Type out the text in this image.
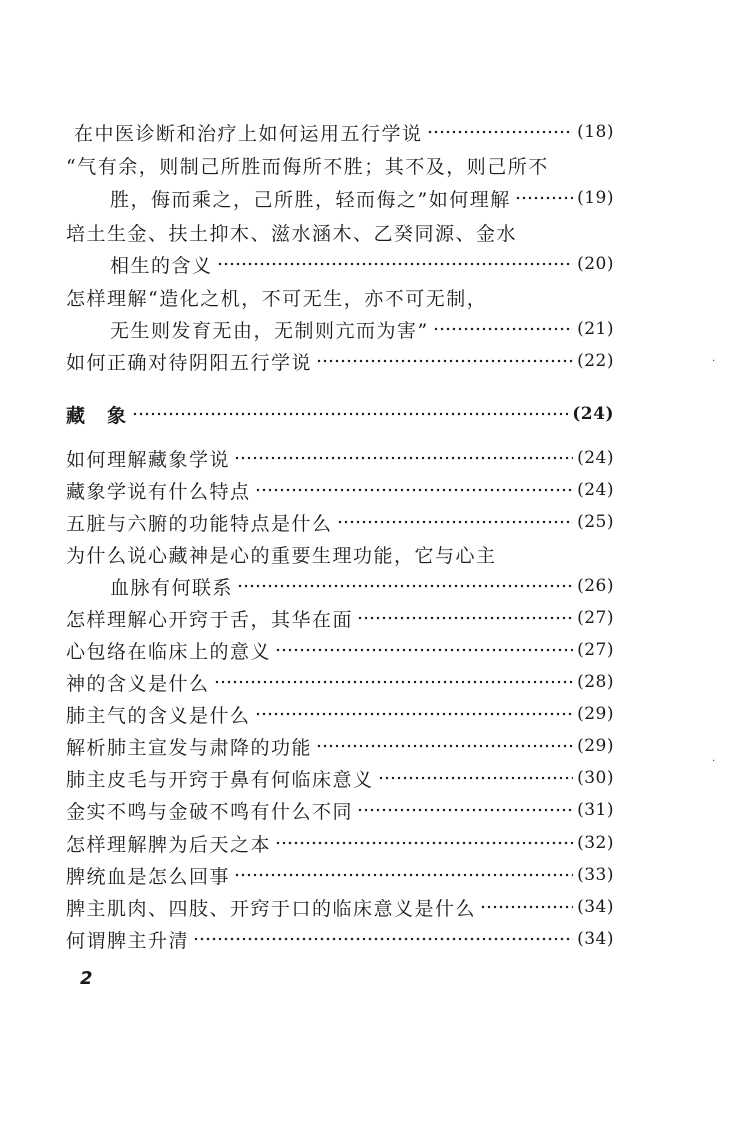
在中医诊断和治疗上如何运用五行学说	(18)
“气有余，则制己所胜而侮所不胜；其不及，则己所不
胜，侮而乘之，己所胜，轻而侮之”如何理解	(19)
培土生金、扶土抑木、滋水涵木、乙癸同源、金水
相生的含义	(20)
怎样理解“造化之机，不可无生，亦不可无制，
无生则发育无由，无制则亢而为害”	(21)
如何正确对待阴阳五行学说	(22)
藏　象	(24)
如何理解藏象学说	(24)
藏象学说有什么特点	(24)
五脏与六腑的功能特点是什么	(25)
为什么说心藏神是心的重要生理功能，它与心主
血脉有何联系	(26)
怎样理解心开窍于舌，其华在面	(27)
心包络在临床上的意义	(27)
神的含义是什么	(28)
肺主气的含义是什么	(29)
解析肺主宣发与肃降的功能	(29)
肺主皮毛与开窍于鼻有何临床意义	(30)
金实不鸣与金破不鸣有什么不同	(31)
怎样理解脾为后天之本	(32)
脾统血是怎么回事	(33)
脾主肌肉、四肢、开窍于口的临床意义是什么	(34)
何谓脾主升清	(34)
2
·
·
